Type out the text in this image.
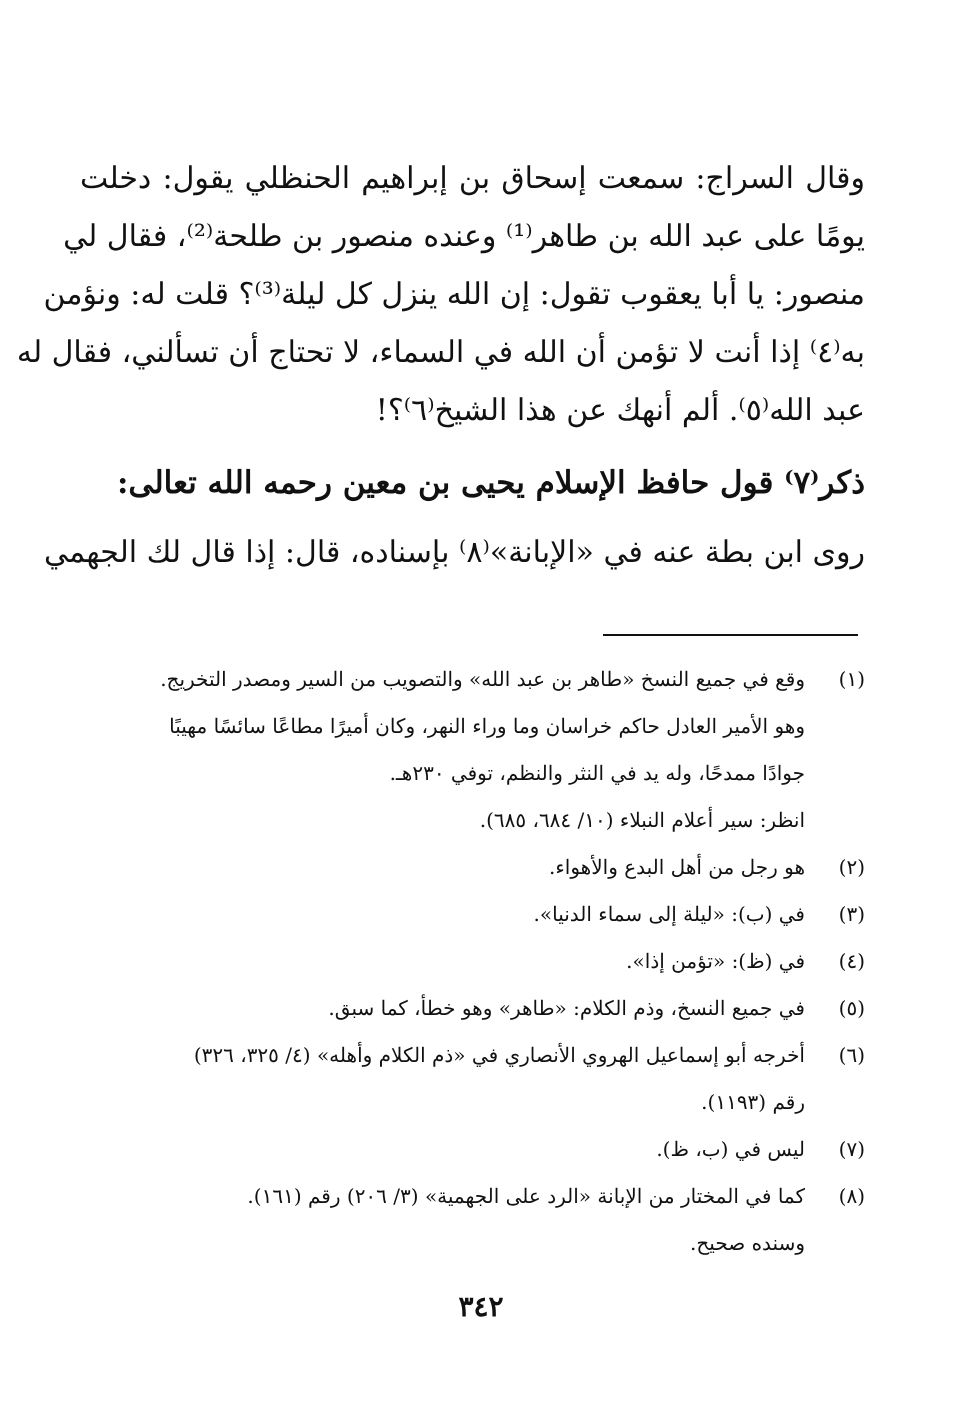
وقال السراج: سمعت إسحاق بن إبراهيم الحنظلي يقول: دخلت
يومًا على عبد الله بن طاهر⁽¹⁾ وعنده منصور بن طلحة⁽²⁾، فقال لي
منصور: يا أبا يعقوب تقول: إن الله ينزل كل ليلة⁽³⁾؟ قلت له: ونؤمن
به⁽٤⁾ إذا أنت لا تؤمن أن الله في السماء، لا تحتاج أن تسألني، فقال له
عبد الله⁽٥⁾. ألم أنهك عن هذا الشيخ⁽٦⁾؟!
ذكر⁽٧⁾ قول حافظ الإسلام يحيى بن معين رحمه الله تعالى:
روى ابن بطة عنه في «الإبانة»⁽٨⁾ بإسناده، قال: إذا قال لك الجهمي
(١)
وقع في جميع النسخ «طاهر بن عبد الله» والتصويب من السير ومصدر التخريج.
وهو الأمير العادل حاكم خراسان وما وراء النهر، وكان أميرًا مطاعًا سائسًا مهيبًا
جوادًا ممدحًا، وله يد في النثر والنظم، توفي ٢٣٠هـ.
انظر: سير أعلام النبلاء (١٠/ ٦٨٤، ٦٨٥).
(٢)
هو رجل من أهل البدع والأهواء.
(٣)
في (ب): «ليلة إلى سماء الدنيا».
(٤)
في (ظ): «تؤمن إذا».
(٥)
في جميع النسخ، وذم الكلام: «طاهر» وهو خطأ، كما سبق.
(٦)
أخرجه أبو إسماعيل الهروي الأنصاري في «ذم الكلام وأهله» (٤/ ٣٢٥، ٣٢٦)
رقم (١١٩٣).
(٧)
ليس في (ب، ظ).
(٨)
كما في المختار من الإبانة «الرد على الجهمية» (٣/ ٢٠٦) رقم (١٦١).
وسنده صحيح.
٣٤٢
